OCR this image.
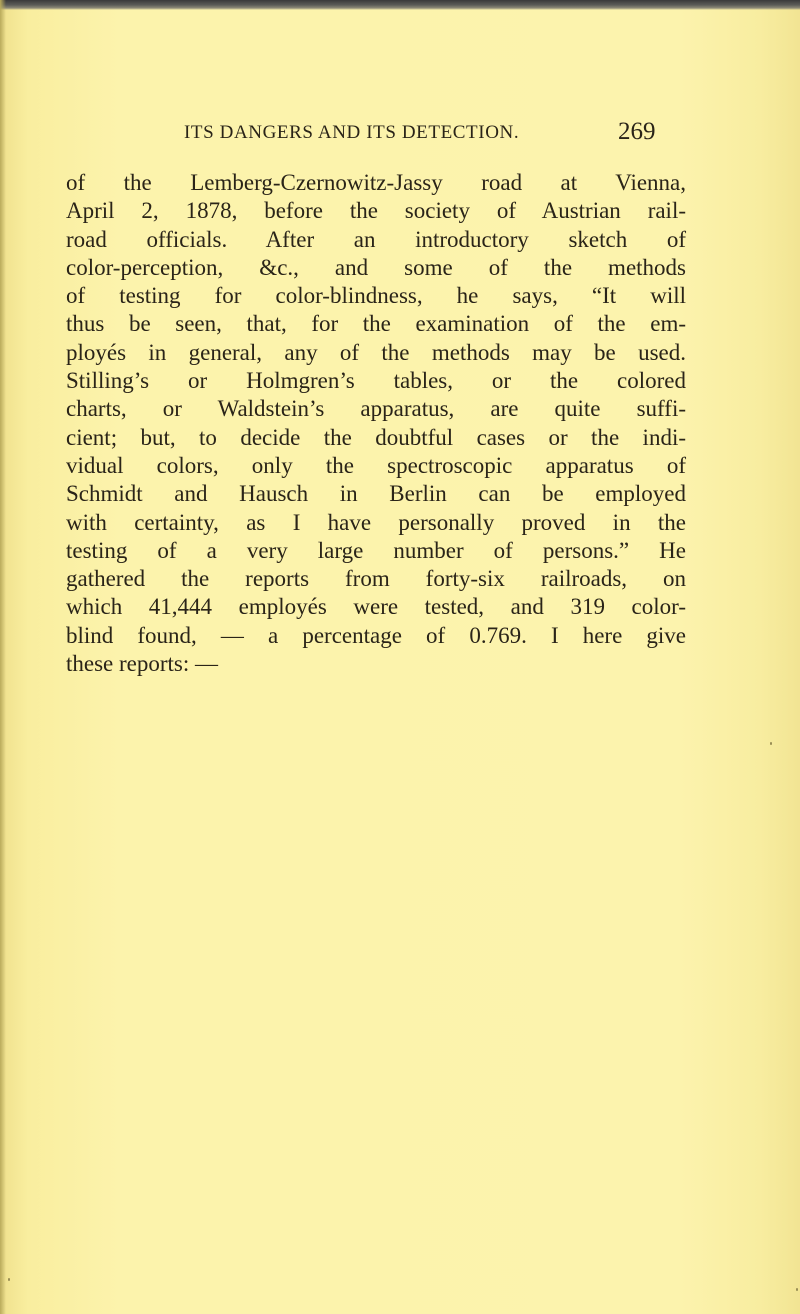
ITS DANGERS AND ITS DETECTION.	269
of the Lemberg-Czernowitz-Jassy road at Vienna,
April 2, 1878, before the society of Austrian rail-
road officials. After an introductory sketch of
color-perception, &c., and some of the methods
of testing for color-blindness, he says, “It will
thus be seen, that, for the examination of the em-
ployés in general, any of the methods may be used.
Stilling’s or Holmgren’s tables, or the colored
charts, or Waldstein’s apparatus, are quite suffi-
cient; but, to decide the doubtful cases or the indi-
vidual colors, only the spectroscopic apparatus of
Schmidt and Hausch in Berlin can be employed
with certainty, as I have personally proved in the
testing of a very large number of persons.” He
gathered the reports from forty-six railroads, on
which 41,444 employés were tested, and 319 color-
blind found, — a percentage of 0.769. I here give
these reports: —
